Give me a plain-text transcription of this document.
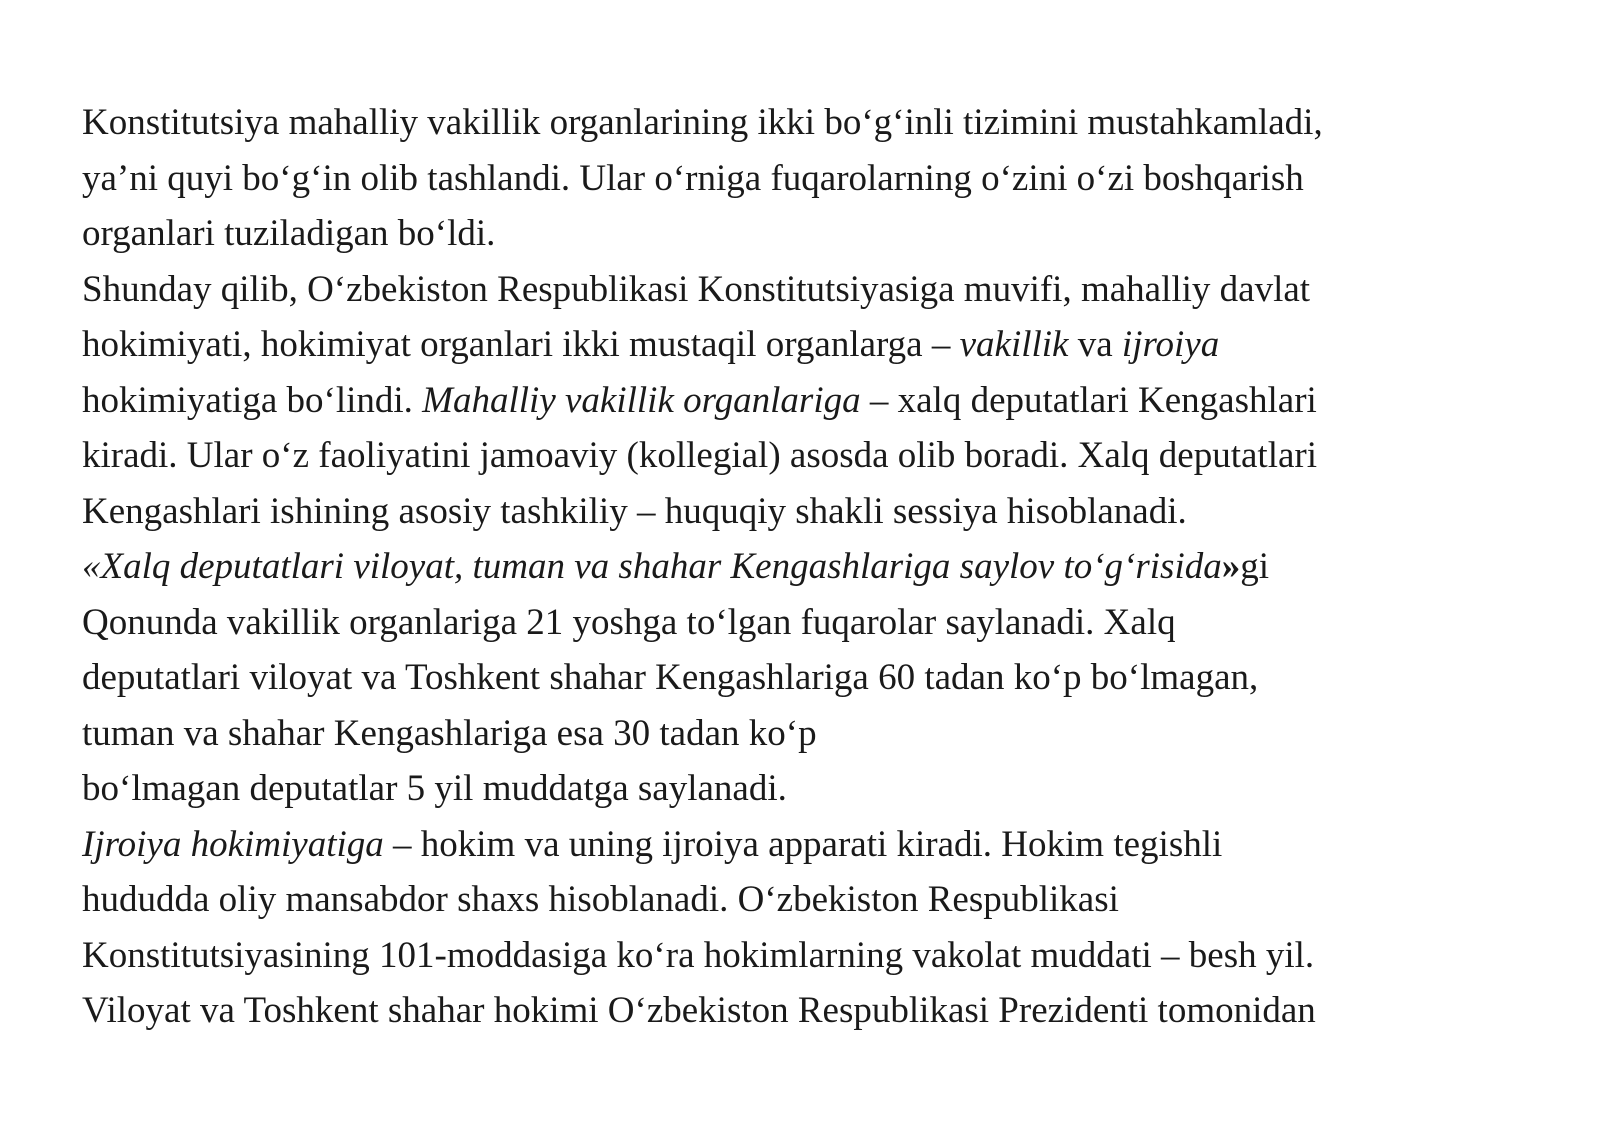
Konstitutsiya mahalliy vakillik organlarining ikki bo‘g‘inli tizimini mustahkamladi,
ya’ni quyi bo‘g‘in olib tashlandi. Ular o‘rniga fuqarolarning o‘zini o‘zi boshqarish
organlari tuziladigan bo‘ldi.
Shunday qilib, O‘zbekiston Respublikasi Konstitutsiyasiga muvifi, mahalliy davlat
hokimiyati, hokimiyat organlari ikki mustaqil organlarga – vakillik va ijroiya
hokimiyatiga bo‘lindi. Mahalliy vakillik organlariga – xalq deputatlari Kengashlari
kiradi. Ular o‘z faoliyatini jamoaviy (kollegial) asosda olib boradi. Xalq deputatlari
Kengashlari ishining asosiy tashkiliy – huquqiy shakli sessiya hisoblanadi.
«Xalq deputatlari viloyat, tuman va shahar Kengashlariga saylov to‘g‘risida»gi
Qonunda vakillik organlariga 21 yoshga to‘lgan fuqarolar saylanadi. Xalq
deputatlari viloyat va Toshkent shahar Kengashlariga 60 tadan ko‘p bo‘lmagan,
tuman va shahar Kengashlariga esa 30 tadan ko‘p
bo‘lmagan deputatlar 5 yil muddatga saylanadi.
Ijroiya hokimiyatiga – hokim va uning ijroiya apparati kiradi. Hokim tegishli
hududda oliy mansabdor shaxs hisoblanadi. O‘zbekiston Respublikasi
Konstitutsiyasining 101-moddasiga ko‘ra hokimlarning vakolat muddati – besh yil.
Viloyat va Toshkent shahar hokimi O‘zbekiston Respublikasi Prezidenti tomonidan
